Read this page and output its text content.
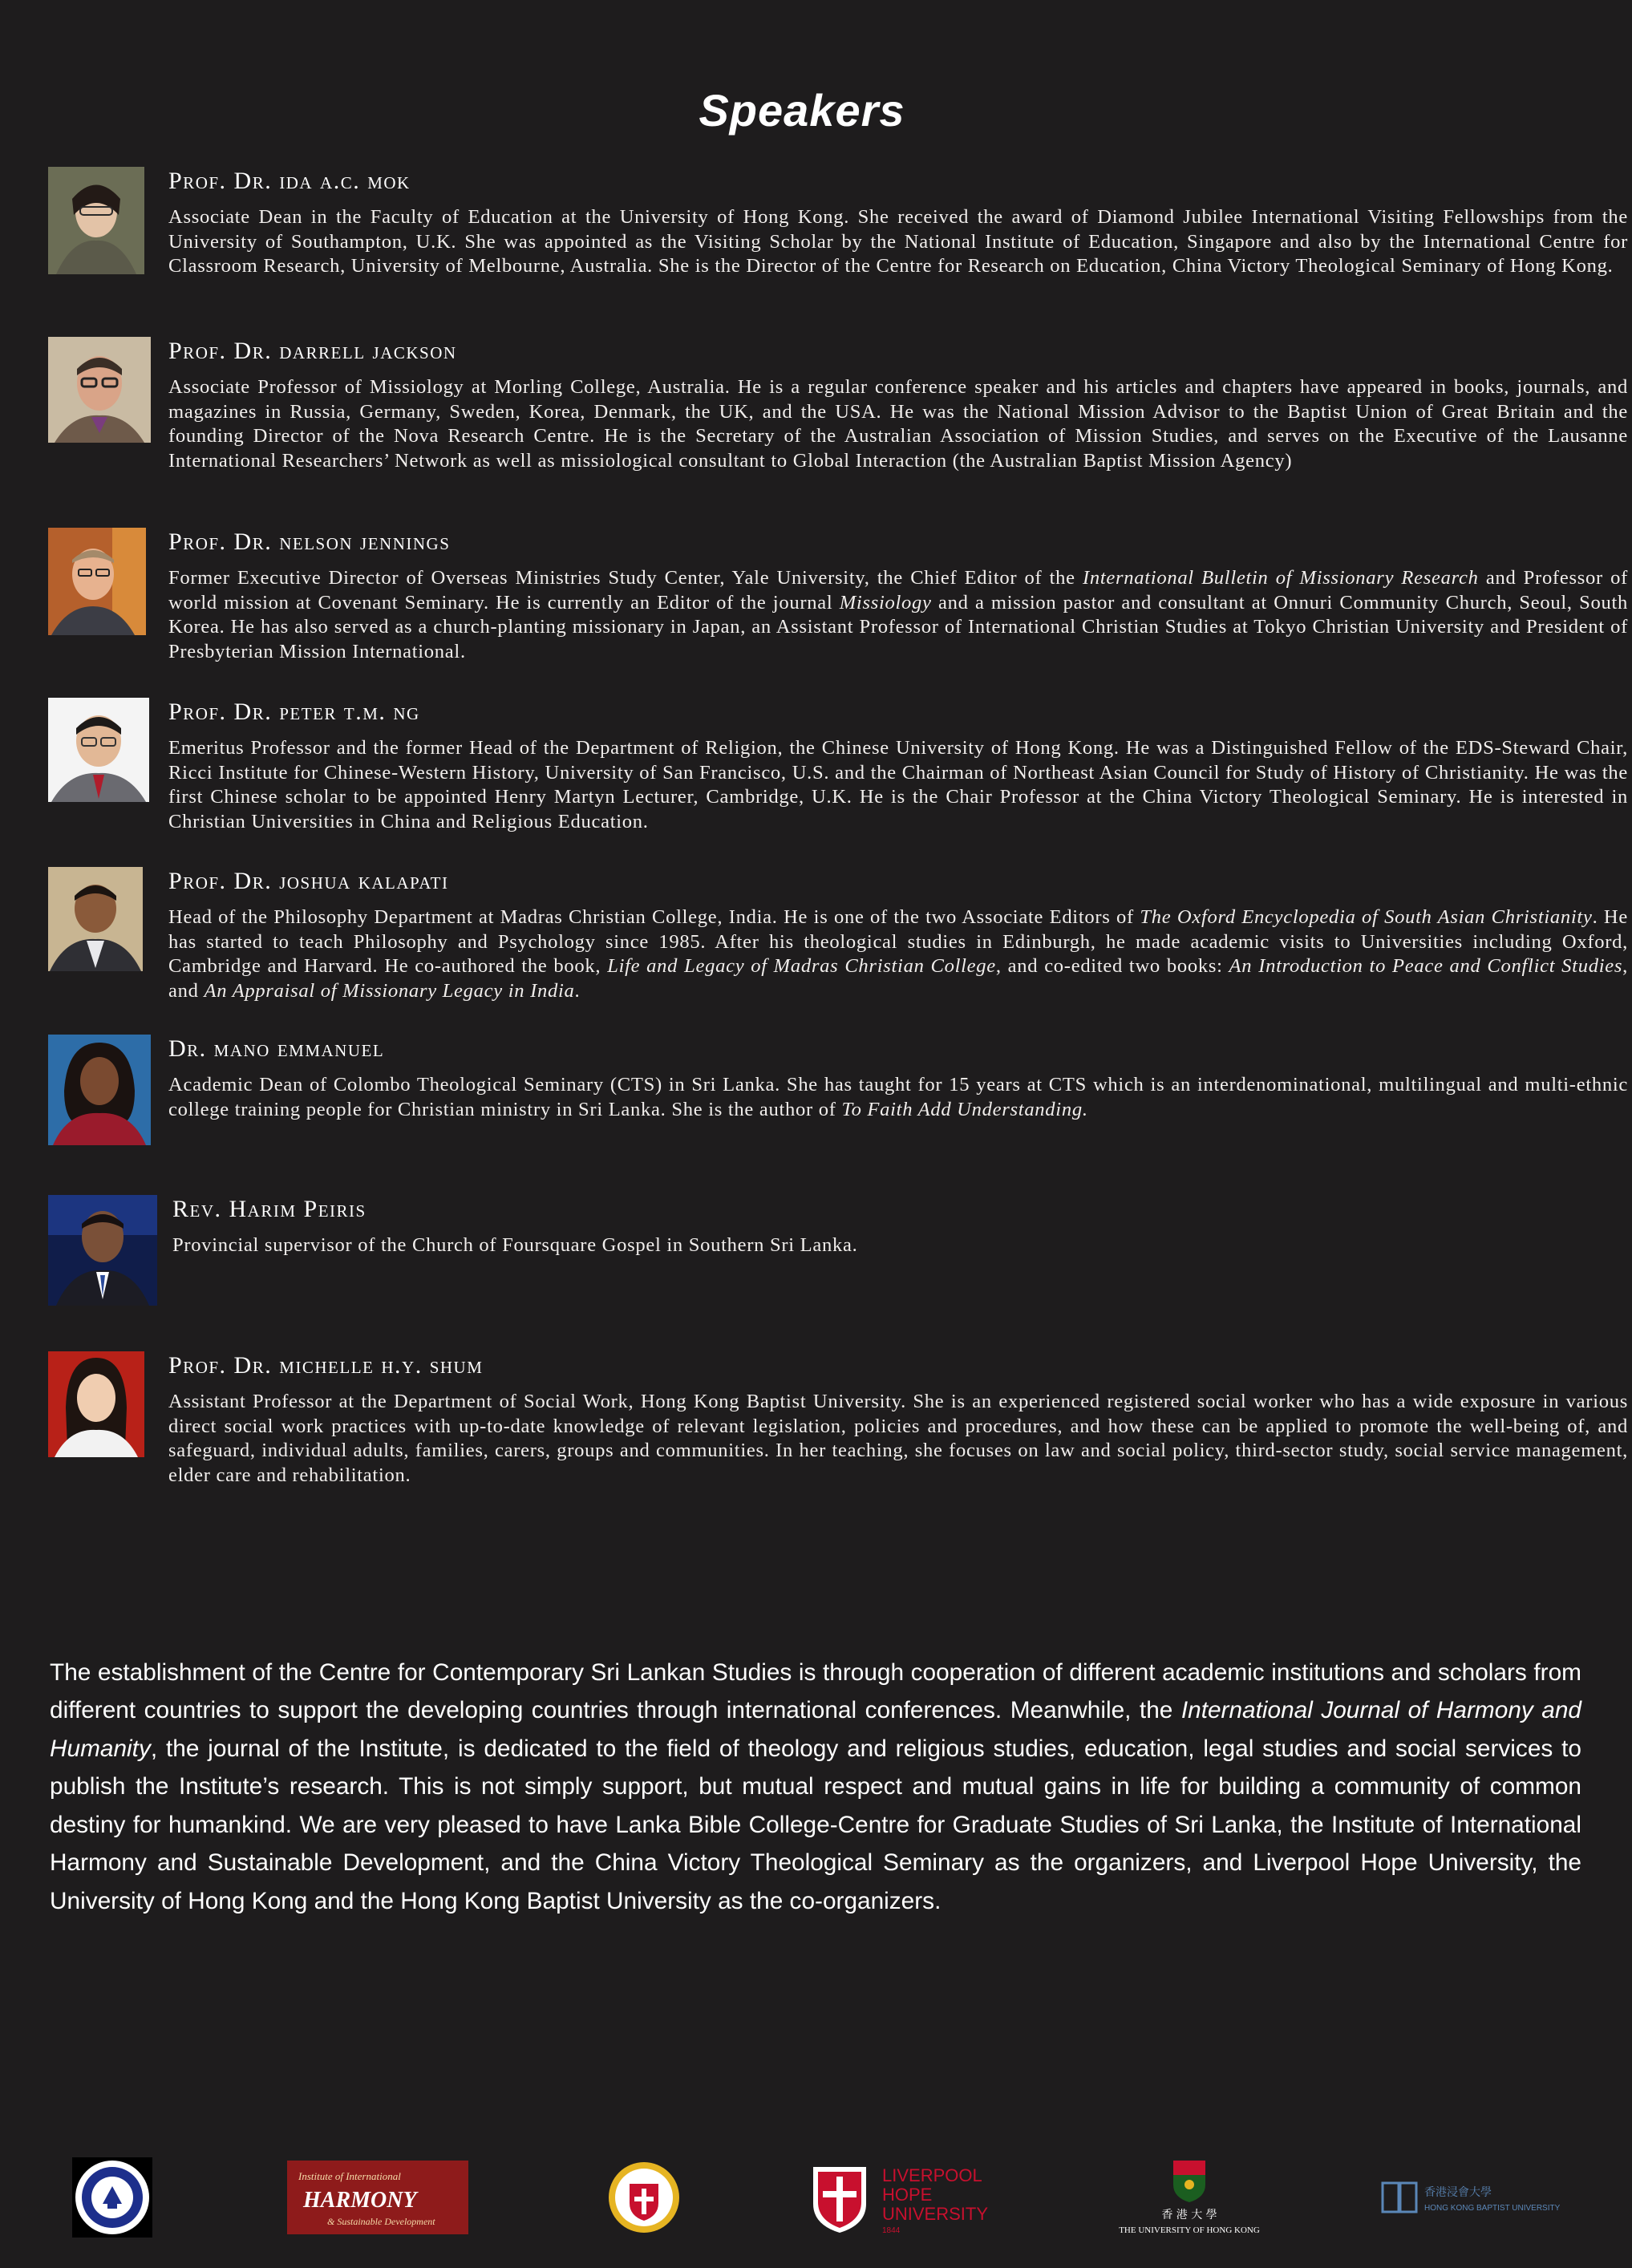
Speakers
Prof. Dr. ida a.c. mok

Associate Dean in the Faculty of Education at the University of Hong Kong. She received the award of Diamond Jubilee International Visiting Fellowships from the University of Southampton, U.K. She was appointed as the Visiting Scholar by the National Institute of Education, Singapore and also by the International Centre for Classroom Research, University of Melbourne, Australia. She is the Director of the Centre for Research on Education, China Victory Theological Seminary of Hong Kong.

Prof. Dr. darrell jackson

Associate Professor of Missiology at Morling College, Australia. He is a regular conference speaker and his articles and chapters have appeared in books, journals, and magazines in Russia, Germany, Sweden, Korea, Denmark, the UK, and the USA. He was the National Mission Advisor to the Baptist Union of Great Britain and the founding Director of the Nova Research Centre. He is the Secretary of the Australian Association of Mission Studies, and serves on the Executive of the Lausanne International Researchers’ Network as well as missiological consultant to Global Interaction (the Australian Baptist Mission Agency)

Prof. Dr. nelson jennings

Former Executive Director of Overseas Ministries Study Center, Yale University, the Chief Editor of the International Bulletin of Missionary Research and Professor of world mission at Covenant Seminary. He is currently an Editor of the journal Missiology and a mission pastor and consultant at Onnuri Community Church, Seoul, South Korea. He has also served as a church-planting missionary in Japan, an Assistant Professor of International Christian Studies at Tokyo Christian University and President of Presbyterian Mission International.

Prof. Dr. peter t.m. ng

Emeritus Professor and the former Head of the Department of Religion, the Chinese University of Hong Kong. He was a Distinguished Fellow of the EDS-Steward Chair, Ricci Institute for Chinese-Western History, University of San Francisco, U.S. and the Chairman of Northeast Asian Council for Study of History of Christianity. He was the first Chinese scholar to be appointed Henry Martyn Lecturer, Cambridge, U.K. He is the Chair Professor at the China Victory Theological Seminary. He is interested in Christian Universities in China and Religious Education.

Prof. Dr. joshua kalapati

Head of the Philosophy Department at Madras Christian College, India. He is one of the two Associate Editors of The Oxford Encyclopedia of South Asian Christianity. He has started to teach Philosophy and Psychology since 1985. After his theological studies in Edinburgh, he made academic visits to Universities including Oxford, Cambridge and Harvard. He co-authored the book, Life and Legacy of Madras Christian College, and co-edited two books: An Introduction to Peace and Conflict Studies, and An Appraisal of Missionary Legacy in India.

Dr. mano emmanuel

Academic Dean of Colombo Theological Seminary (CTS) in Sri Lanka. She has taught for 15 years at CTS which is an interdenominational, multilingual and multi-ethnic college training people for Christian ministry in Sri Lanka. She is the author of To Faith Add Understanding.

Rev. Harim Peiris

Provincial supervisor of the Church of Foursquare Gospel in Southern Sri Lanka.

Prof. Dr. michelle h.y. shum

Assistant Professor at the Department of Social Work, Hong Kong Baptist University. She is an experienced registered social worker who has a wide exposure in various direct social work practices with up-to-date knowledge of relevant legislation, policies and procedures, and how these can be applied to promote the well-being of, and safeguard, individual adults, families, carers, groups and communities. In her teaching, she focuses on law and social policy, third-sector study, social service management, elder care and rehabilitation.

The establishment of the Centre for Contemporary Sri Lankan Studies is through cooperation of different academic institutions and scholars from different countries to support the developing countries through international conferences. Meanwhile, the International Journal of Harmony and Humanity, the journal of the Institute, is dedicated to the field of theology and religious studies, education, legal studies and social services to publish the Institute’s research. This is not simply support, but mutual respect and mutual gains in life for building a community of common destiny for humankind. We are very pleased to have Lanka Bible College-Centre for Graduate Studies of Sri Lanka, the Institute of International Harmony and Sustainable Development, and the China Victory Theological Seminary as the organizers, and Liverpool Hope University, the University of Hong Kong and the Hong Kong Baptist University as the co-organizers.

Institute of International
HARMONY
& Sustainable Development
LIVERPOOL
HOPE
UNIVERSITY
1844
香 港 大 學
THE UNIVERSITY OF HONG KONG
香港浸會大學
HONG KONG BAPTIST UNIVERSITY
